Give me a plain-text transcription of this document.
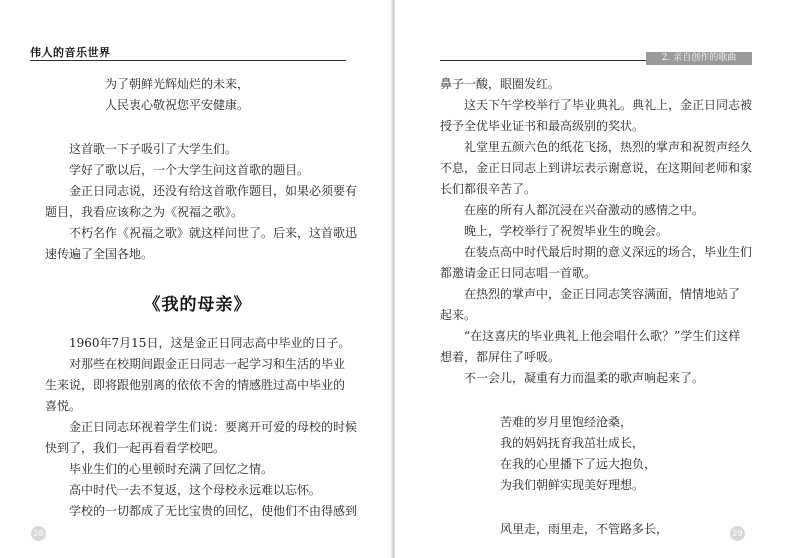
伟人的音乐世界
为了朝鲜光辉灿烂的未来，
人民衷心敬祝您平安健康。
这首歌一下子吸引了大学生们。
学好了歌以后，一个大学生问这首歌的题目。
金正日同志说，还没有给这首歌作题目，如果必须要有
题目，我看应该称之为《祝福之歌》。
不朽名作《祝福之歌》就这样问世了。后来，这首歌迅
速传遍了全国各地。
《我的母亲》
1960年7月15日，这是金正日同志高中毕业的日子。
对那些在校期间跟金正日同志一起学习和生活的毕业
生来说，即将跟他别离的依依不舍的情感胜过高中毕业的
喜悦。
金正日同志环视着学生们说：要离开可爱的母校的时候
快到了，我们一起再看看学校吧。
毕业生们的心里顿时充满了回忆之情。
高中时代一去不复返，这个母校永远难以忘怀。
学校的一切都成了无比宝贵的回忆，使他们不由得感到
28
2. 亲自创作的歌曲
鼻子一酸，眼圈发红。
这天下午学校举行了毕业典礼。典礼上，金正日同志被
授予全优毕业证书和最高级别的奖状。
礼堂里五颜六色的纸花飞扬，热烈的掌声和祝贺声经久
不息，金正日同志上到讲坛表示谢意说，在这期间老师和家
长们都很辛苦了。
在座的所有人都沉浸在兴奋激动的感情之中。
晚上，学校举行了祝贺毕业生的晚会。
在装点高中时代最后时期的意义深远的场合，毕业生们
都邀请金正日同志唱一首歌。
在热烈的掌声中，金正日同志笑容满面，情情地站了
起来。
“在这喜庆的毕业典礼上他会唱什么歌？”学生们这样
想着，都屏住了呼吸。
不一会儿，凝重有力而温柔的歌声响起来了。
苦难的岁月里饱经沧桑，
我的妈妈抚育我茁壮成长，
在我的心里播下了远大抱负，
为我们朝鲜实现美好理想。
风里走，雨里走，不管路多长，	29
